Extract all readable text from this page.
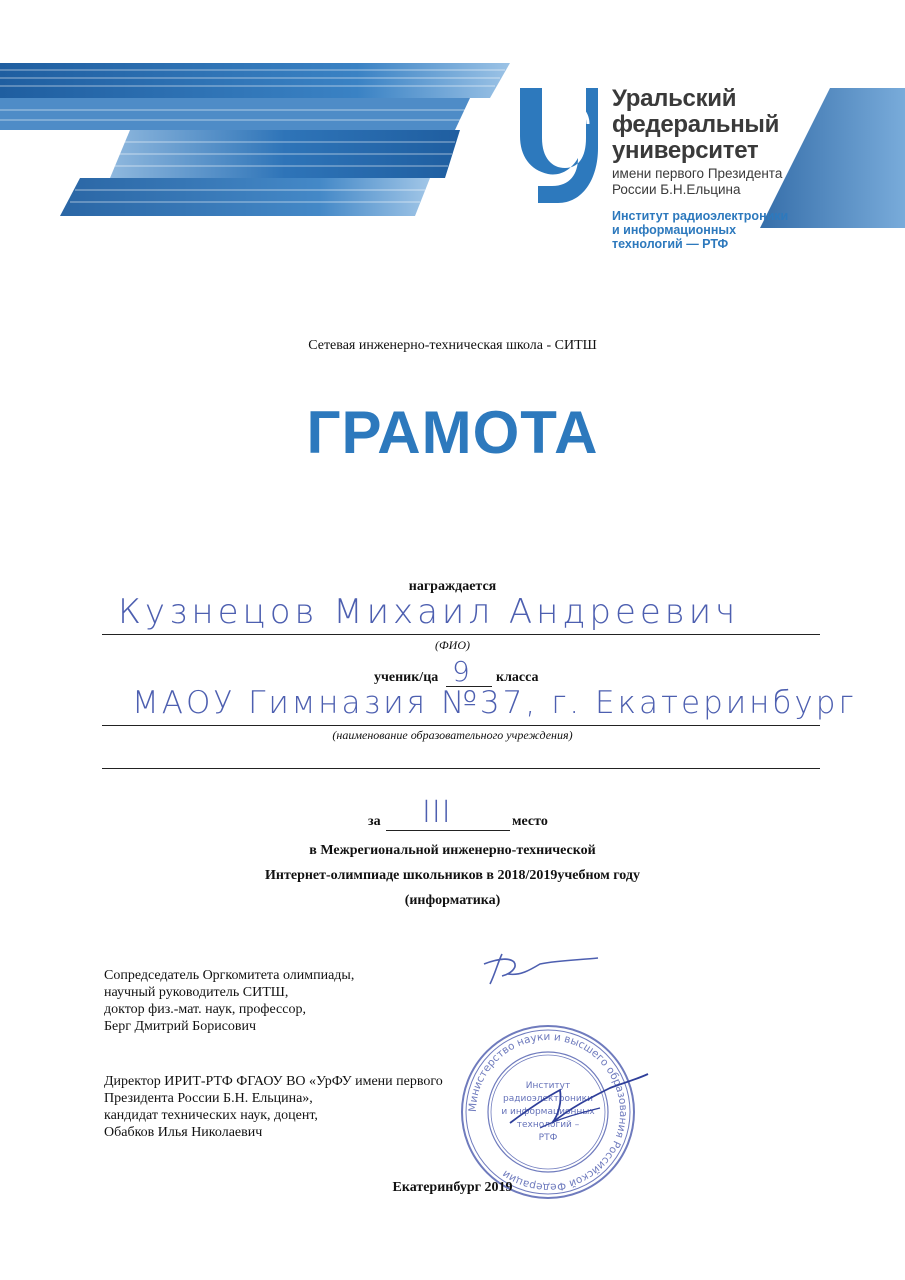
Уральский
федеральный
университет
имени первого Президента
России Б.Н.Ельцина
Институт радиоэлектроники
и информационных
технологий — РТФ
Сетевая инженерно-техническая школа - СИТШ
ГРАМОТА
награждается
Кузнецов Михаил Андреевич
(ФИО)
ученик/ца 9 класса
МАОУ Гимназия №37, г. Екатеринбург
(наименование образовательного учреждения)
за III	место
в Межрегиональной инженерно-технической
Интернет-олимпиаде школьников в 2018/2019учебном году
(информатика)
Сопредседатель Оргкомитета олимпиады,
научный руководитель СИТШ,
доктор физ.-мат. наук, профессор,
Берг Дмитрий Борисович
Директор ИРИТ-РТФ ФГАОУ ВО «УрФУ имени первого
Президента России Б.Н. Ельцина»,
кандидат технических наук, доцент,
Обабков Илья Николаевич
Министерство науки и высшего образования Российской Федерации
Институт
радиоэлектроники
и информационных
технологий –
РТФ
Екатеринбург 2019
